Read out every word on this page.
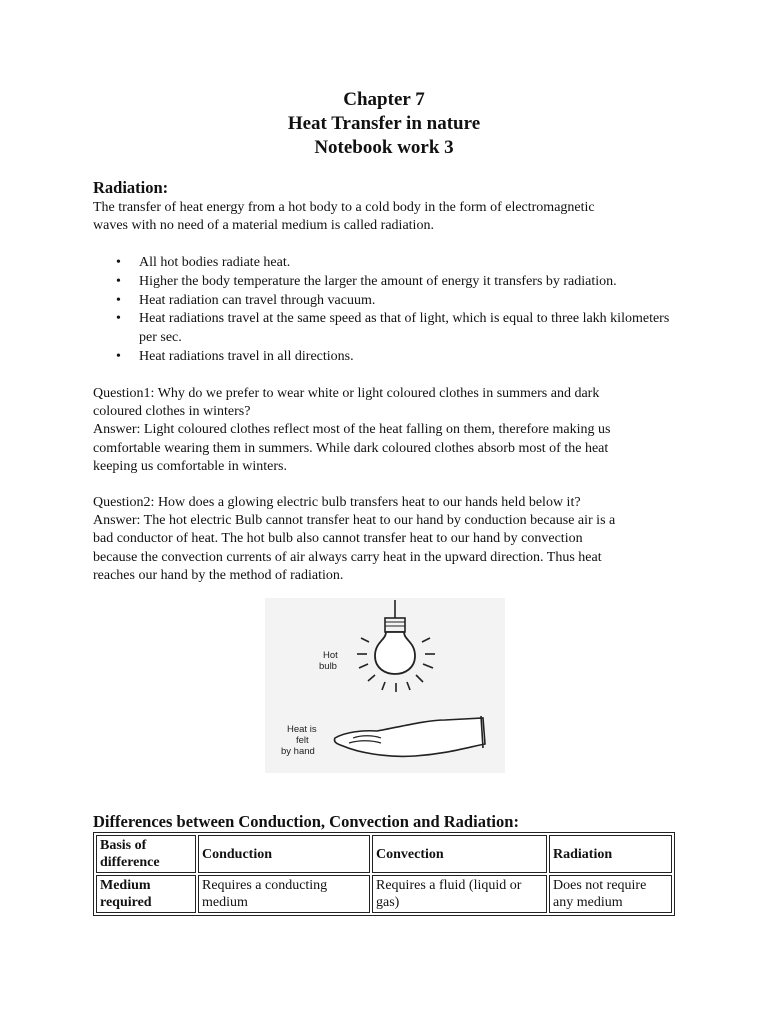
Chapter 7
Heat Transfer in nature
Notebook work 3
Radiation:
The transfer of heat energy from a hot body to a cold body in the form of electromagnetic
waves with no need of a material medium is called radiation.
• All hot bodies radiate heat.
• Higher the body temperature the larger the amount of energy it transfers by radiation.
• Heat radiation can travel through vacuum.
• Heat radiations travel at the same speed as that of light, which is equal to three lakh kilometers per sec.
• Heat radiations travel in all directions.
Question1: Why do we prefer to wear white or light coloured clothes in summers and dark
coloured clothes in winters?
Answer: Light coloured clothes reflect most of the heat falling on them, therefore making us
comfortable wearing them in summers. While dark coloured clothes absorb most of the heat
keeping us comfortable in winters.
Question2: How does a glowing electric bulb transfers heat to our hands held below it?
Answer: The hot electric Bulb cannot transfer heat to our hand by conduction because air is a
bad conductor of heat. The hot bulb also cannot transfer heat to our hand by convection
because the convection currents of air always carry heat in the upward direction. Thus heat
reaches our hand by the method of radiation.
Hot bulb
Heat is felt by hand
Differences between Conduction, Convection and Radiation:
Basis of difference	Conduction	Convection	Radiation
Medium required	Requires a conducting medium	Requires a fluid (liquid or gas)	Does not require any medium
